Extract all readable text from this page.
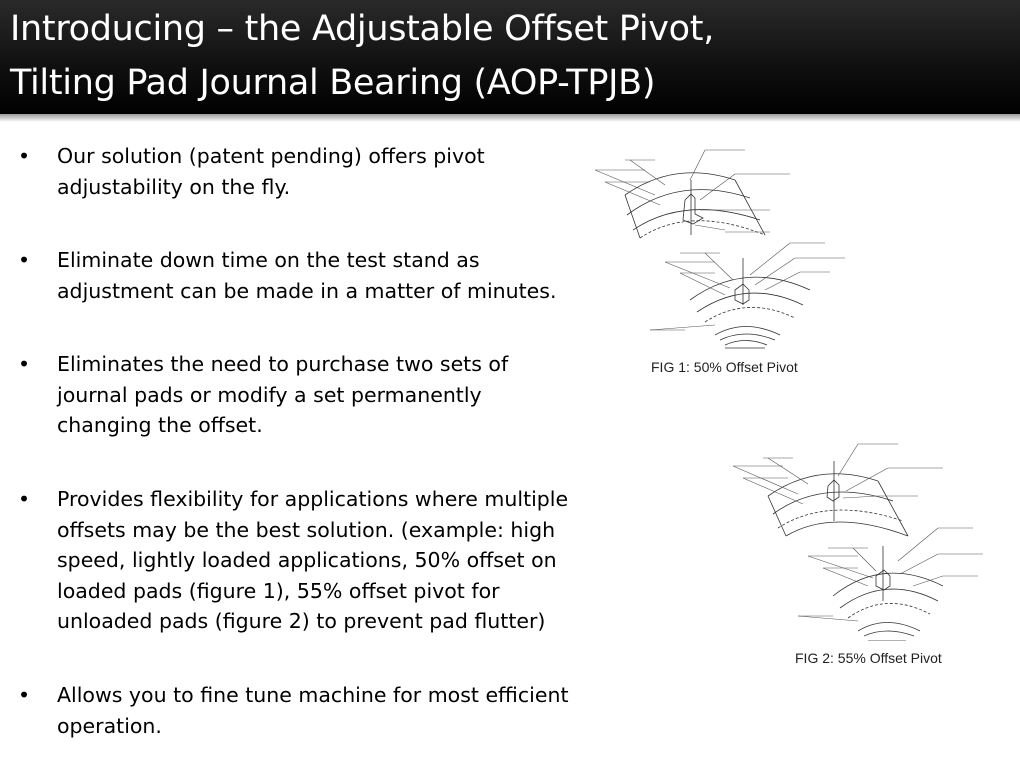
Introducing – the Adjustable Offset Pivot,
Tilting Pad Journal Bearing (AOP-TPJB)
•	Our solution (patent pending) offers pivot adjustability on the fly.
•	Eliminate down time on the test stand as adjustment can be made in a matter of minutes.
•	Eliminates the need to purchase two sets of journal pads or modify a set permanently changing the offset.
•	Provides flexibility for applications where multiple offsets may be the best solution. (example: high speed, lightly loaded applications, 50% offset on loaded pads (figure 1), 55% offset pivot for unloaded pads (figure 2) to prevent pad flutter)
•	Allows you to fine tune machine for most efficient operation.
FIG 1: 50% Offset Pivot
FIG 2: 55% Offset Pivot
